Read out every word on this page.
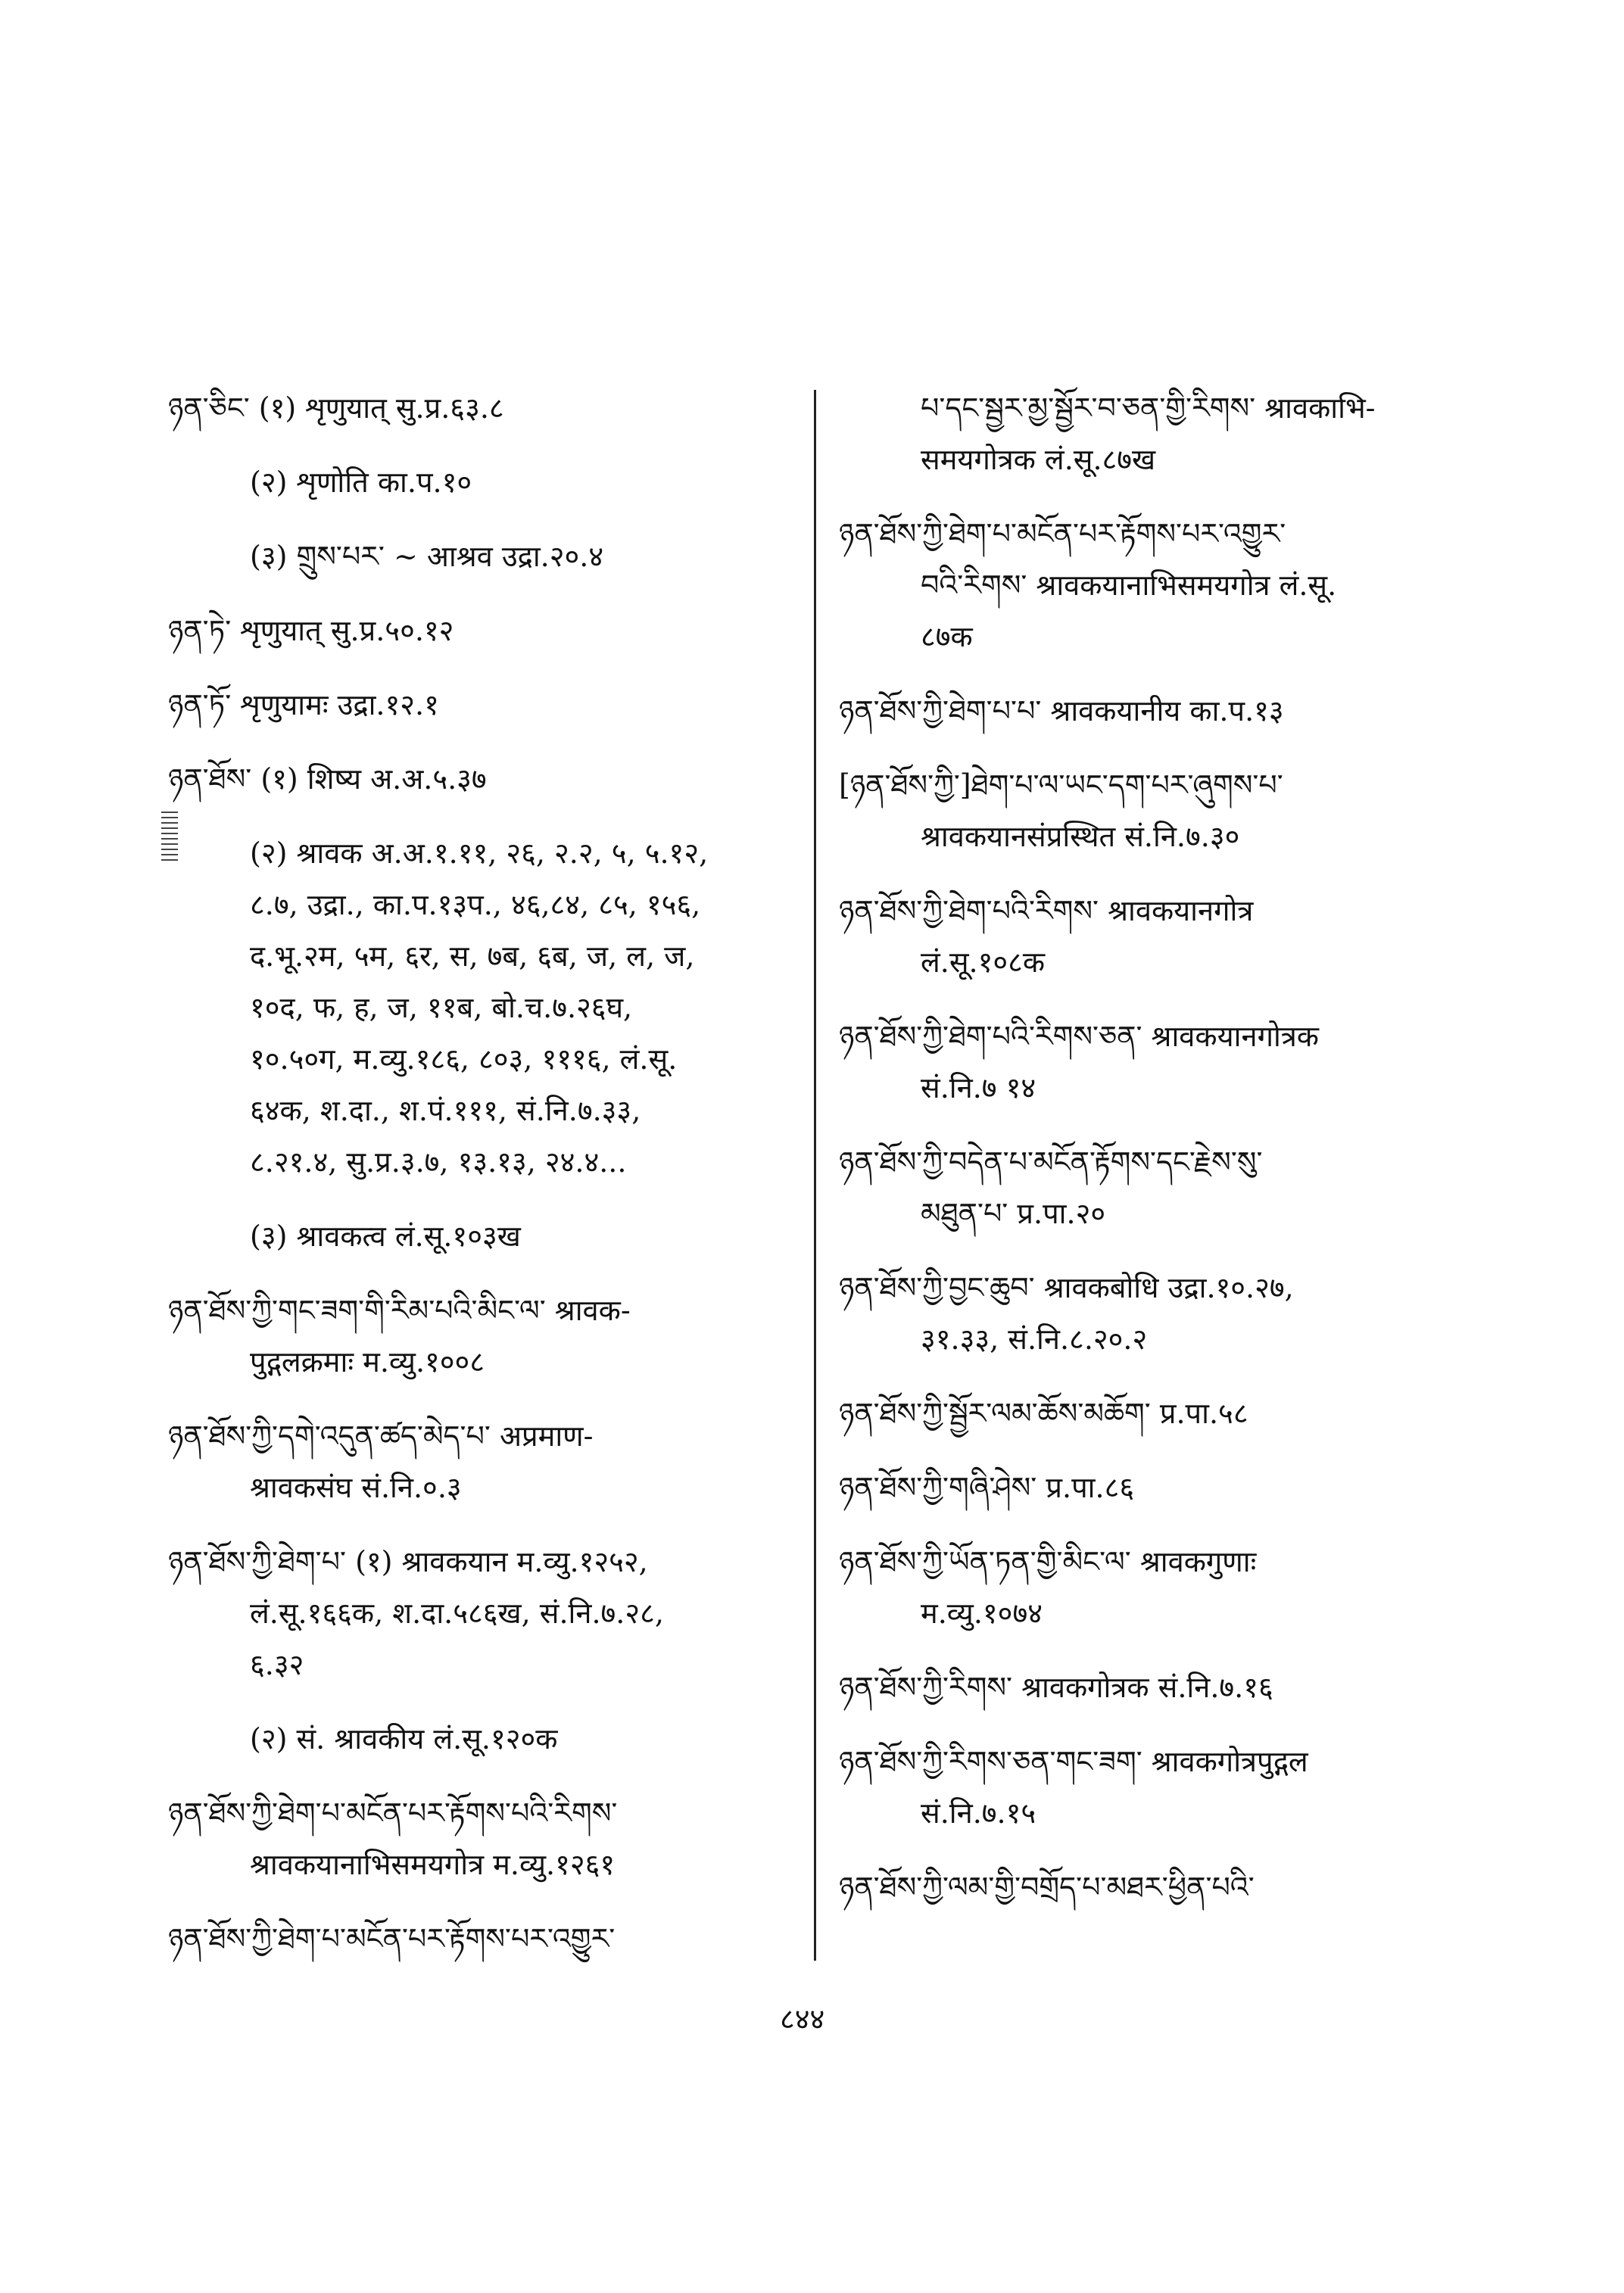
ཉན་ཅིང་ (१) शृणुयात् सु.प्र.६३.८
(२) शृणोति का.प.१०
(३) གྲུས་པར་ ~ आश्रव उद्रा.२०.४
ཉན་ཏེ་ शृणुयात् सु.प्र.५०.१२
ཉན་ཏོ་ शृणुयामः उद्रा.१२.१
ཉན་ཐོས་ (१) शिष्य अ.अ.५.३७
(२) श्रावक अ.अ.१.११, २६, २.२, ५, ५.१२,
८.७, उद्रा., का.प.१३प., ४६,८४, ८५, १५६,
द.भू.२म, ५म, ६र, स, ७ब, ६ब, ज, ल, ज,
१०द, फ, ह, ज, ११ब, बो.च.७.२६घ,
१०.५०ग, म.व्यु.१८६, ८०३, १११६, लं.सू.
६४क, श.दा., श.पं.१११, सं.नि.७.३३,
८.२१.४, सु.प्र.३.७, १३.१३, २४.४...
(३) श्रावकत्व लं.सू.१०३ख
ཉན་ཐོས་ཀྱི་གང་ཟག་གི་རིམ་པའི་མིང་ལ་ श्रावक-
पुद्गलक्रमाः म.व्यु.१००८
ཉན་ཐོས་ཀྱི་དགེ་འདུན་ཚད་མེད་པ་ अप्रमाण-
श्रावकसंघ सं.नि.०.३
ཉན་ཐོས་ཀྱི་ཐེག་པ་ (१) श्रावकयान म.व्यु.१२५२,
लं.सू.१६६क, श.दा.५८६ख, सं.नि.७.२८,
६.३२
(२) सं. श्रावकीय लं.सू.१२०क
ཉན་ཐོས་ཀྱི་ཐེག་པ་མངོན་པར་རྟོགས་པའི་རིགས་
श्रावकयानाभिसमयगोत्र म.व्यु.१२६१
ཉན་ཐོས་ཀྱི་ཐེག་པ་མངོན་པར་རྟོགས་པར་འགྱུར་
པ་དང་སྦྱར་མྱ་སྦྱོར་བ་ཅན་གྱི་རིགས་ श्रावकाभि-
समयगोत्रक लं.सू.८७ख
ཉན་ཐོས་ཀྱི་ཐེག་པ་མངོན་པར་རྟོགས་པར་འགྱུར་
བའི་རིགས་ श्रावकयानाभिसमयगोत्र लं.सू.
८७क
ཉན་ཐོས་ཀྱི་ཐེག་པ་པ་ श्रावकयानीय का.प.१३
[ཉན་ཐོས་ཀྱི་]ཐེག་པ་ལ་ཡང་དག་པར་ཞུགས་པ་
श्रावकयानसंप्रस्थित सं.नि.७.३०
ཉན་ཐོས་ཀྱི་ཐེག་པའི་རིགས་ श्रावकयानगोत्र
लं.सू.१०८क
ཉན་ཐོས་ཀྱི་ཐེག་པའི་རིགས་ཅན་ श्रावकयानगोत्रक
सं.नि.७ १४
ཉན་ཐོས་ཀྱི་བདེན་པ་མངོན་རྟོགས་དང་རྗེས་སུ་
མཐུན་པ་ प्र.पा.२०
ཉན་ཐོས་ཀྱི་བྱང་ཆུབ་ श्रावकबोधि उद्रा.१०.२७,
३१.३३, सं.नि.८.२०.२
ཉན་ཐོས་ཀྱི་སྦྱོར་ལམ་ཆོས་མཆོག་ प्र.पा.५८
ཉན་ཐོས་ཀྱི་གཞི་ཤེས་ प्र.पा.८६
ཉན་ཐོས་ཀྱི་ཡོན་ཏན་གྱི་མིང་ལ་ श्रावकगुणाः
म.व्यु.१०७४
ཉན་ཐོས་ཀྱི་རིགས་ श्रावकगोत्रक सं.नि.७.१६
ཉན་ཐོས་ཀྱི་རིགས་ཅན་གང་ཟག་ श्रावकगोत्रपुद्गल
सं.नि.७.१५
ཉན་ཐོས་ཀྱི་ལམ་གྱི་བགྲོད་པ་མཐར་ཕྱིན་པའི་
८४४
